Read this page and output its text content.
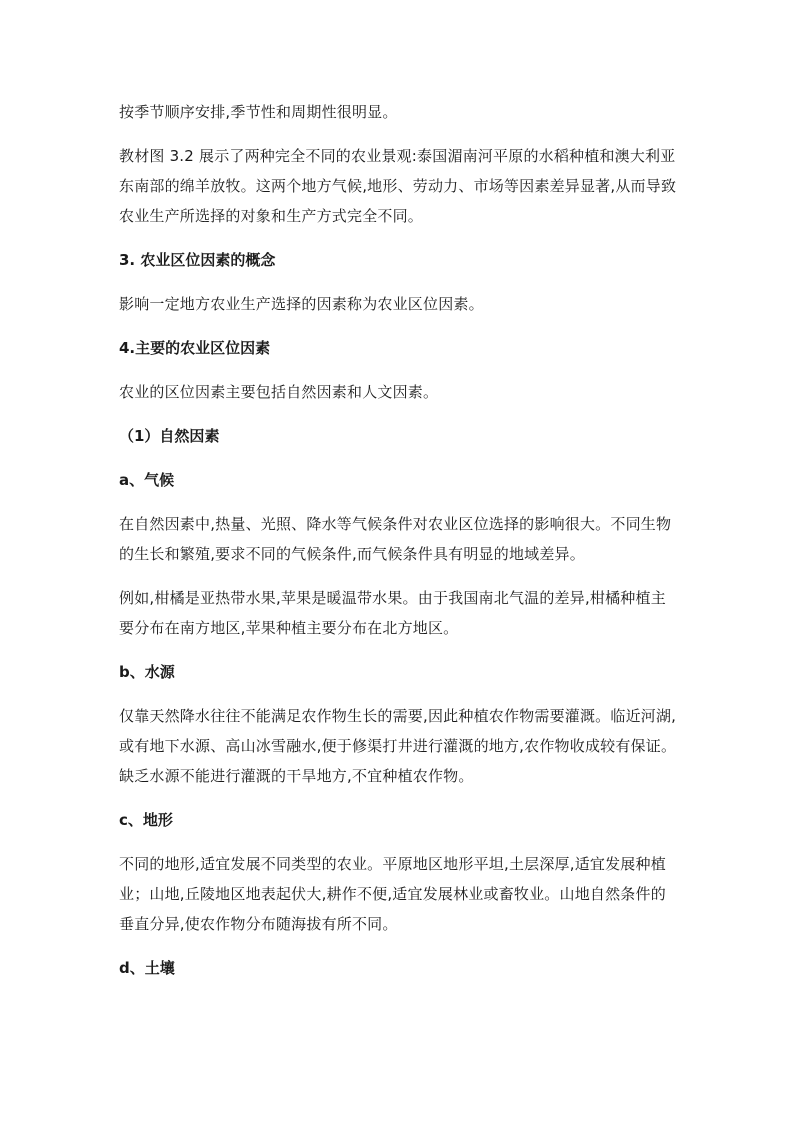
按季节顺序安排,季节性和周期性很明显。

教材图 3.2 展示了两种完全不同的农业景观:泰国湄南河平原的水稻种植和澳大利亚东南部的绵羊放牧。这两个地方气候,地形、劳动力、市场等因素差异显著,从而导致农业生产所选择的对象和生产方式完全不同。

3. 农业区位因素的概念

影响一定地方农业生产选择的因素称为农业区位因素。

4.主要的农业区位因素

农业的区位因素主要包括自然因素和人文因素。

（1）自然因素

a、气候

在自然因素中,热量、光照、降水等气候条件对农业区位选择的影响很大。不同生物的生长和繁殖,要求不同的气候条件,而气候条件具有明显的地域差异。

例如,柑橘是亚热带水果,苹果是暖温带水果。由于我国南北气温的差异,柑橘种植主要分布在南方地区,苹果种植主要分布在北方地区。

b、水源

仅靠天然降水往往不能满足农作物生长的需要,因此种植农作物需要灌溉。临近河湖,或有地下水源、高山冰雪融水,便于修渠打井进行灌溉的地方,农作物收成较有保证。缺乏水源不能进行灌溉的干旱地方,不宜种植农作物。

c、地形

不同的地形,适宜发展不同类型的农业。平原地区地形平坦,土层深厚,适宜发展种植业；山地,丘陵地区地表起伏大,耕作不便,适宜发展林业或畜牧业。山地自然条件的垂直分异,使农作物分布随海拔有所不同。

d、土壤
